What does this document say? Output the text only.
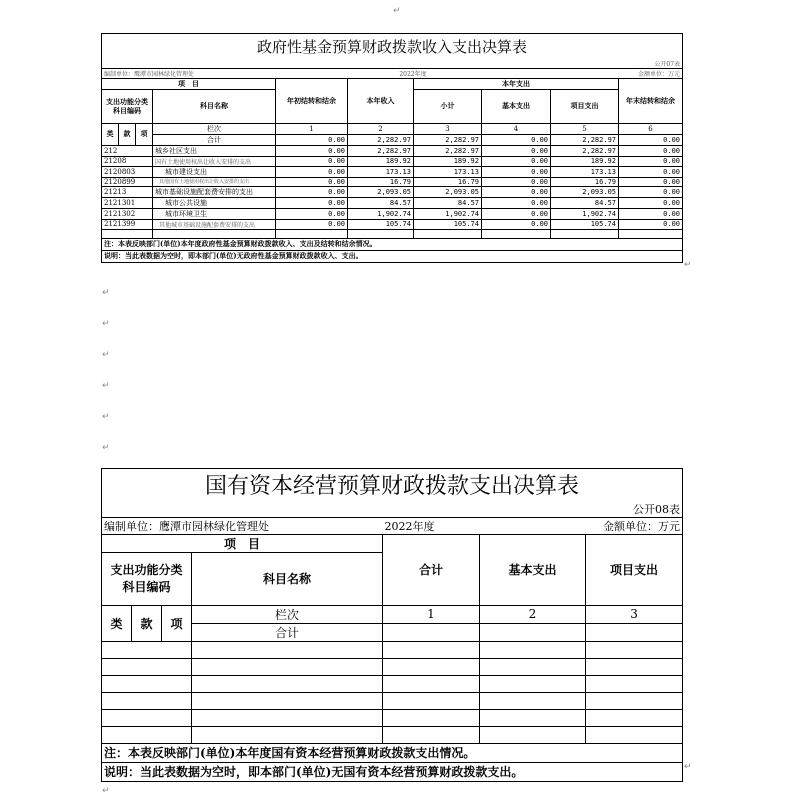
↵
↵
↵
↵
↵
↵
↵
↵
↵
↵
政府性基金预算财政拨款收入支出决算表									
公开07表									
编制单位：鹰潭市园林绿化管理处				2022年度				金额单位：万元	
项　目				年初结转和结余	本年收入	本年支出			年末结转和结余
支出功能分类科目编码			科目名称			小计	基本支出	项目支出	

类	款	项	栏次	1	2	3	4	5	6
			合计	0.00	2,282.97	2,282.97	0.00	2,282.97	0.00
212			城乡社区支出	0.00	2,282.97	2,282.97	0.00	2,282.97	0.00
21208			国有土地使用权出让收入安排的支出	0.00	189.92	189.92	0.00	189.92	0.00
2120803			城市建设支出	0.00	173.13	173.13	0.00	173.13	0.00
2120899			其他国有土地使用权出让收入安排的支出	0.00	16.79	16.79	0.00	16.79	0.00
21213			城市基础设施配套费安排的支出	0.00	2,093.05	2,093.05	0.00	2,093.05	0.00
2121301			城市公共设施	0.00	84.57	84.57	0.00	84.57	0.00
2121302			城市环境卫生	0.00	1,902.74	1,902.74	0.00	1,902.74	0.00
2121399			其他城市基础设施配套费安排的支出	0.00	105.74	105.74	0.00	105.74	0.00

注：本表反映部门(单位)本年度政府性基金预算财政拨款收入、支出及结转和结余情况。									
说明：当此表数据为空时，即本部门(单位)无政府性基金预算财政拨款收入、支出。									
国有资本经营预算财政拨款支出决算表						
公开08表						
编制单位：鹰潭市园林绿化管理处				2022年度		金额单位：万元
项　目				合计	基本支出	项目支出

支出功能分类
科目编码			科目名称			

类	款	项	栏次	1	2	3
			合计			

注：本表反映部门(单位)本年度国有资本经营预算财政拨款支出情况。						
说明：当此表数据为空时，即本部门(单位)无国有资本经营预算财政拨款支出。						
